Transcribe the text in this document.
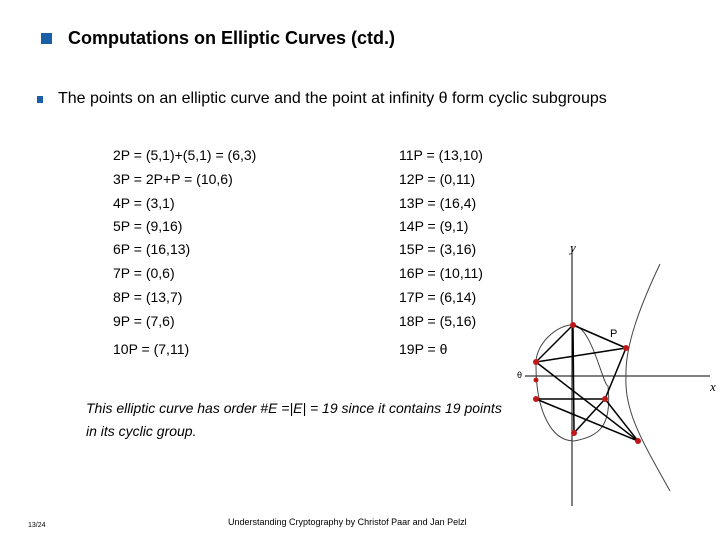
Computations on Elliptic Curves (ctd.)
The points on an elliptic curve and the point at infinity θ form cyclic subgroups
2P = (5,1)+(5,1) = (6,3)
3P = 2P+P = (10,6)
4P = (3,1)
5P = (9,16)
6P = (16,13)
7P = (0,6)
8P = (13,7)
9P = (7,6)
10P = (7,11)
11P = (13,10)
12P = (0,11)
13P = (16,4)
14P = (9,1)
15P = (3,16)
16P = (10,11)
17P = (6,14)
18P = (5,16)
19P = θ
This elliptic curve has order #E =|E| = 19 since it contains 19 points in its cyclic group.
y
x
P
θ
13/24	Understanding Cryptography by Christof Paar and Jan Pelzl
